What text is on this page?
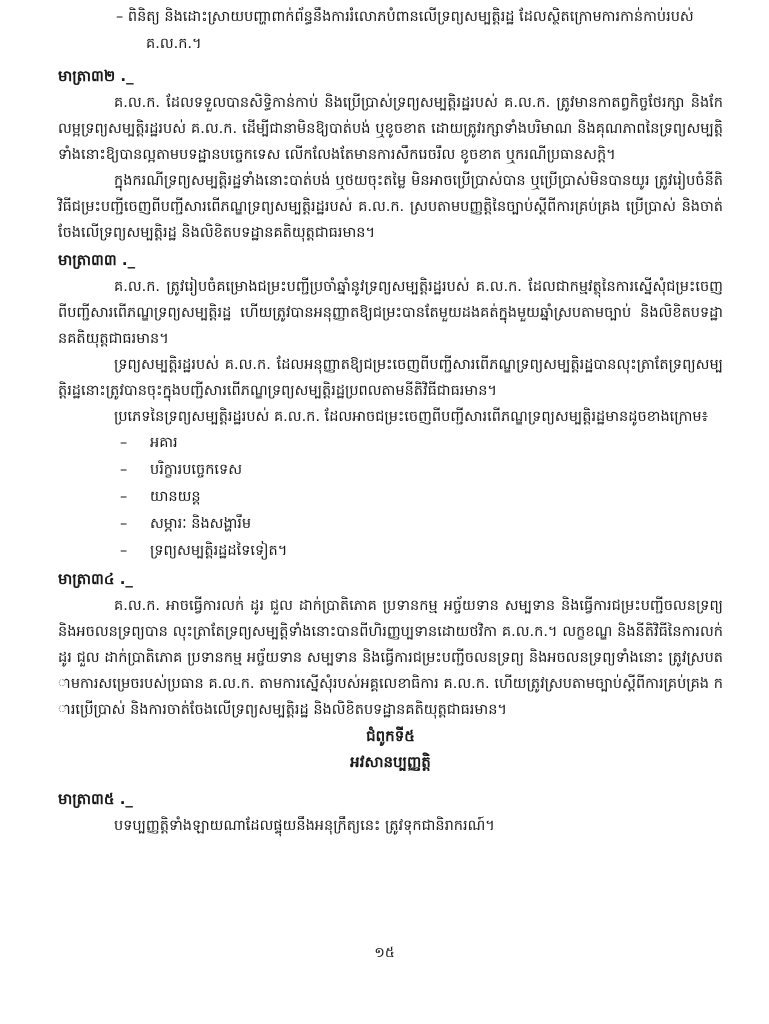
– ពិនិត្យ និងដោះស្រាយបញ្ហាពាក់ព័ន្ធនឹងការរំលោភបំពានលើទ្រព្យសម្បត្តិរដ្ឋ ដែលស្ថិតក្រោមការកាន់កាប់របស់ គ.ល.ក.។

មាត្រា៣២ ._

គ.ល.ក. ដែលទទួលបានសិទ្ធិកាន់កាប់ និងប្រើប្រាស់ទ្រព្យសម្បត្តិរដ្ឋរបស់ គ.ល.ក. ត្រូវមានកាតព្វកិច្ចថែរក្សា និងកែលម្អទ្រព្យសម្បត្តិរដ្ឋរបស់ គ.ល.ក. ដើម្បីជានាមិនឱ្យបាត់បង់ ឬខូចខាត ដោយត្រូវរក្សាទាំងបរិមាណ និងគុណភាពនៃទ្រព្យសម្បត្តិទាំងនោះឱ្យបានល្អតាមបទដ្ឋានបច្ចេកទេស លើកលែងតែមានការសឹករេចរឹល ខូចខាត ឬករណីប្រធានសក្តិ។

ក្នុងករណីទ្រព្យសម្បត្តិរដ្ឋទាំងនោះបាត់បង់ ឬថយចុះតម្លៃ មិនអាចប្រើប្រាស់បាន ឬប្រើប្រាស់មិនបានយូរ ត្រូវរៀបចំនីតិវិធីជម្រះបញ្ជីចេញពីបញ្ជីសារពើភណ្ឌទ្រព្យសម្បត្តិរដ្ឋរបស់ គ.ល.ក. ស្របតាមបញ្ញត្តិនៃច្បាប់ស្តីពីការគ្រប់គ្រង ប្រើប្រាស់ និងចាត់ចែងលើទ្រព្យសម្បត្តិរដ្ឋ និងលិខិតបទដ្ឋានគតិយុត្តជាធរមាន។

មាត្រា៣៣ ._

គ.ល.ក. ត្រូវរៀបចំគម្រោងជម្រះបញ្ជីប្រចាំឆ្នាំនូវទ្រព្យសម្បត្តិរដ្ឋរបស់ គ.ល.ក. ដែលជាកម្មវត្ថុនៃការស្នើសុំជម្រះចេញពីបញ្ជីសារពើភណ្ឌទ្រព្យសម្បត្តិរដ្ឋ ហើយត្រូវបានអនុញ្ញាតឱ្យជម្រះបានតែមួយដងគត់ក្នុងមួយឆ្នាំស្របតាមច្បាប់ និងលិខិតបទដ្ឋានគតិយុត្តជាធរមាន។

ទ្រព្យសម្បត្តិរដ្ឋរបស់ គ.ល.ក. ដែលអនុញ្ញាតឱ្យជម្រះចេញពីបញ្ជីសារពើភណ្ឌទ្រព្យសម្បត្តិរដ្ឋបានលុះត្រាតែទ្រព្យសម្បត្តិរដ្ឋនោះត្រូវបានចុះក្នុងបញ្ជីសារពើភណ្ឌទ្រព្យសម្បត្តិរដ្ឋប្រពលតាមនីតិវិធីជាធរមាន។

ប្រភេទនៃទ្រព្យសម្បត្តិរដ្ឋរបស់ គ.ល.ក. ដែលអាចជម្រះចេញពីបញ្ជីសារពើភណ្ឌទ្រព្យសម្បត្តិរដ្ឋមានដូចខាងក្រោម៖

– អគារ

– បរិក្ខារបច្ចេកទេស

– យានយន្ត

– សម្ភារៈ និងសង្ហារឹម

– ទ្រព្យសម្បត្តិរដ្ឋដទៃទៀត។

មាត្រា៣៤ ._

គ.ល.ក. អាចធ្វើការលក់ ដូរ ជួល ដាក់ប្រាតិភោគ ប្រទានកម្ម អច្ច័យទាន សម្បទាន និងធ្វើការជម្រះបញ្ជីចលនទ្រព្យ និងអចលនទ្រព្យបាន លុះត្រាតែទ្រព្យសម្បត្តិទាំងនោះបានពីហិរញ្ញប្បទានដោយថវិកា គ.ល.ក.។ លក្ខខណ្ឌ និងនីតិវិធីនៃការលក់ ដូរ ជួល ដាក់ប្រាតិភោគ ប្រទានកម្ម អច្ច័យទាន សម្បទាន និងធ្វើការជម្រះបញ្ជីចលនទ្រព្យ និងអចលនទ្រព្យទាំងនោះ ត្រូវស្របតាមការសម្រេចរបស់ប្រធាន គ.ល.ក. តាមការស្នើសុំរបស់អគ្គលេខាធិការ គ.ល.ក. ហើយត្រូវស្របតាមច្បាប់ស្តីពីការគ្រប់គ្រង ការប្រើប្រាស់ និងការចាត់ចែងលើទ្រព្យសម្បត្តិរដ្ឋ និងលិខិតបទដ្ឋានគតិយុត្តជាធរមាន។

ជំពូកទី៥

អវសានប្បញ្ញត្តិ

មាត្រា៣៥ ._

បទប្បញ្ញត្តិទាំងឡាយណាដែលផ្ទុយនឹងអនុក្រឹត្យនេះ ត្រូវទុកជានិរាករណ៍។

១៥
